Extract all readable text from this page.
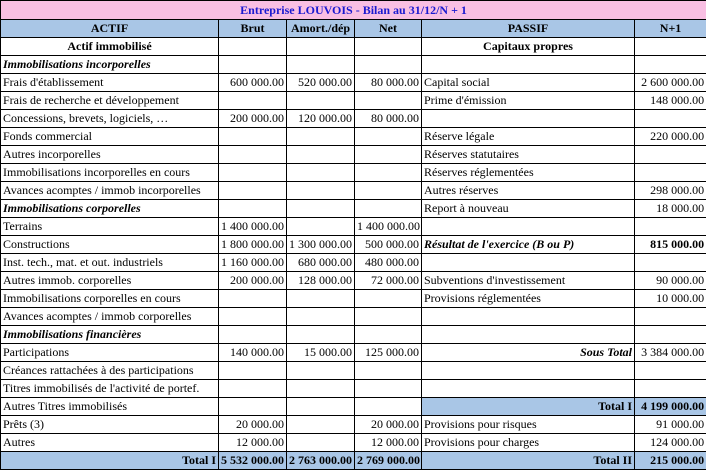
Entreprise LOUVOIS - Bilan au 31/12/N + 1					
ACTIF	Brut	Amort./dép	Net	PASSIF	N+1
Actif immobilisé				Capitaux propres	
Immobilisations incorporelles					
Frais d'établissement	600 000.00	520 000.00	80 000.00	Capital social	2 600 000.00
Frais de recherche et développement				Prime d'émission	148 000.00
Concessions, brevets, logiciels, …	200 000.00	120 000.00	80 000.00		
Fonds commercial				Réserve légale	220 000.00
Autres incorporelles				Réserves statutaires	
Immobilisations incorporelles en cours				Réserves réglementées	
Avances acomptes / immob incorporelles				Autres réserves	298 000.00
Immobilisations corporelles				Report à nouveau	18 000.00
Terrains	1 400 000.00		1 400 000.00		
Constructions	1 800 000.00	1 300 000.00	500 000.00	Résultat de l'exercice (B ou P)	815 000.00
Inst. tech., mat. et out. industriels	1 160 000.00	680 000.00	480 000.00		
Autres immob. corporelles	200 000.00	128 000.00	72 000.00	Subventions d'investissement	90 000.00
Immobilisations corporelles en cours				Provisions réglementées	10 000.00
Avances acomptes / immob corporelles					
Immobilisations financières					
Participations	140 000.00	15 000.00	125 000.00	Sous Total	3 384 000.00
Créances rattachées à des participations					
Titres immobilisés de l'activité de portef.					
Autres Titres immobilisés				Total I	4 199 000.00
Prêts (3)	20 000.00		20 000.00	Provisions pour risques	91 000.00
Autres	12 000.00		12 000.00	Provisions pour charges	124 000.00
Total I	5 532 000.00	2 763 000.00	2 769 000.00	Total II	215 000.00
